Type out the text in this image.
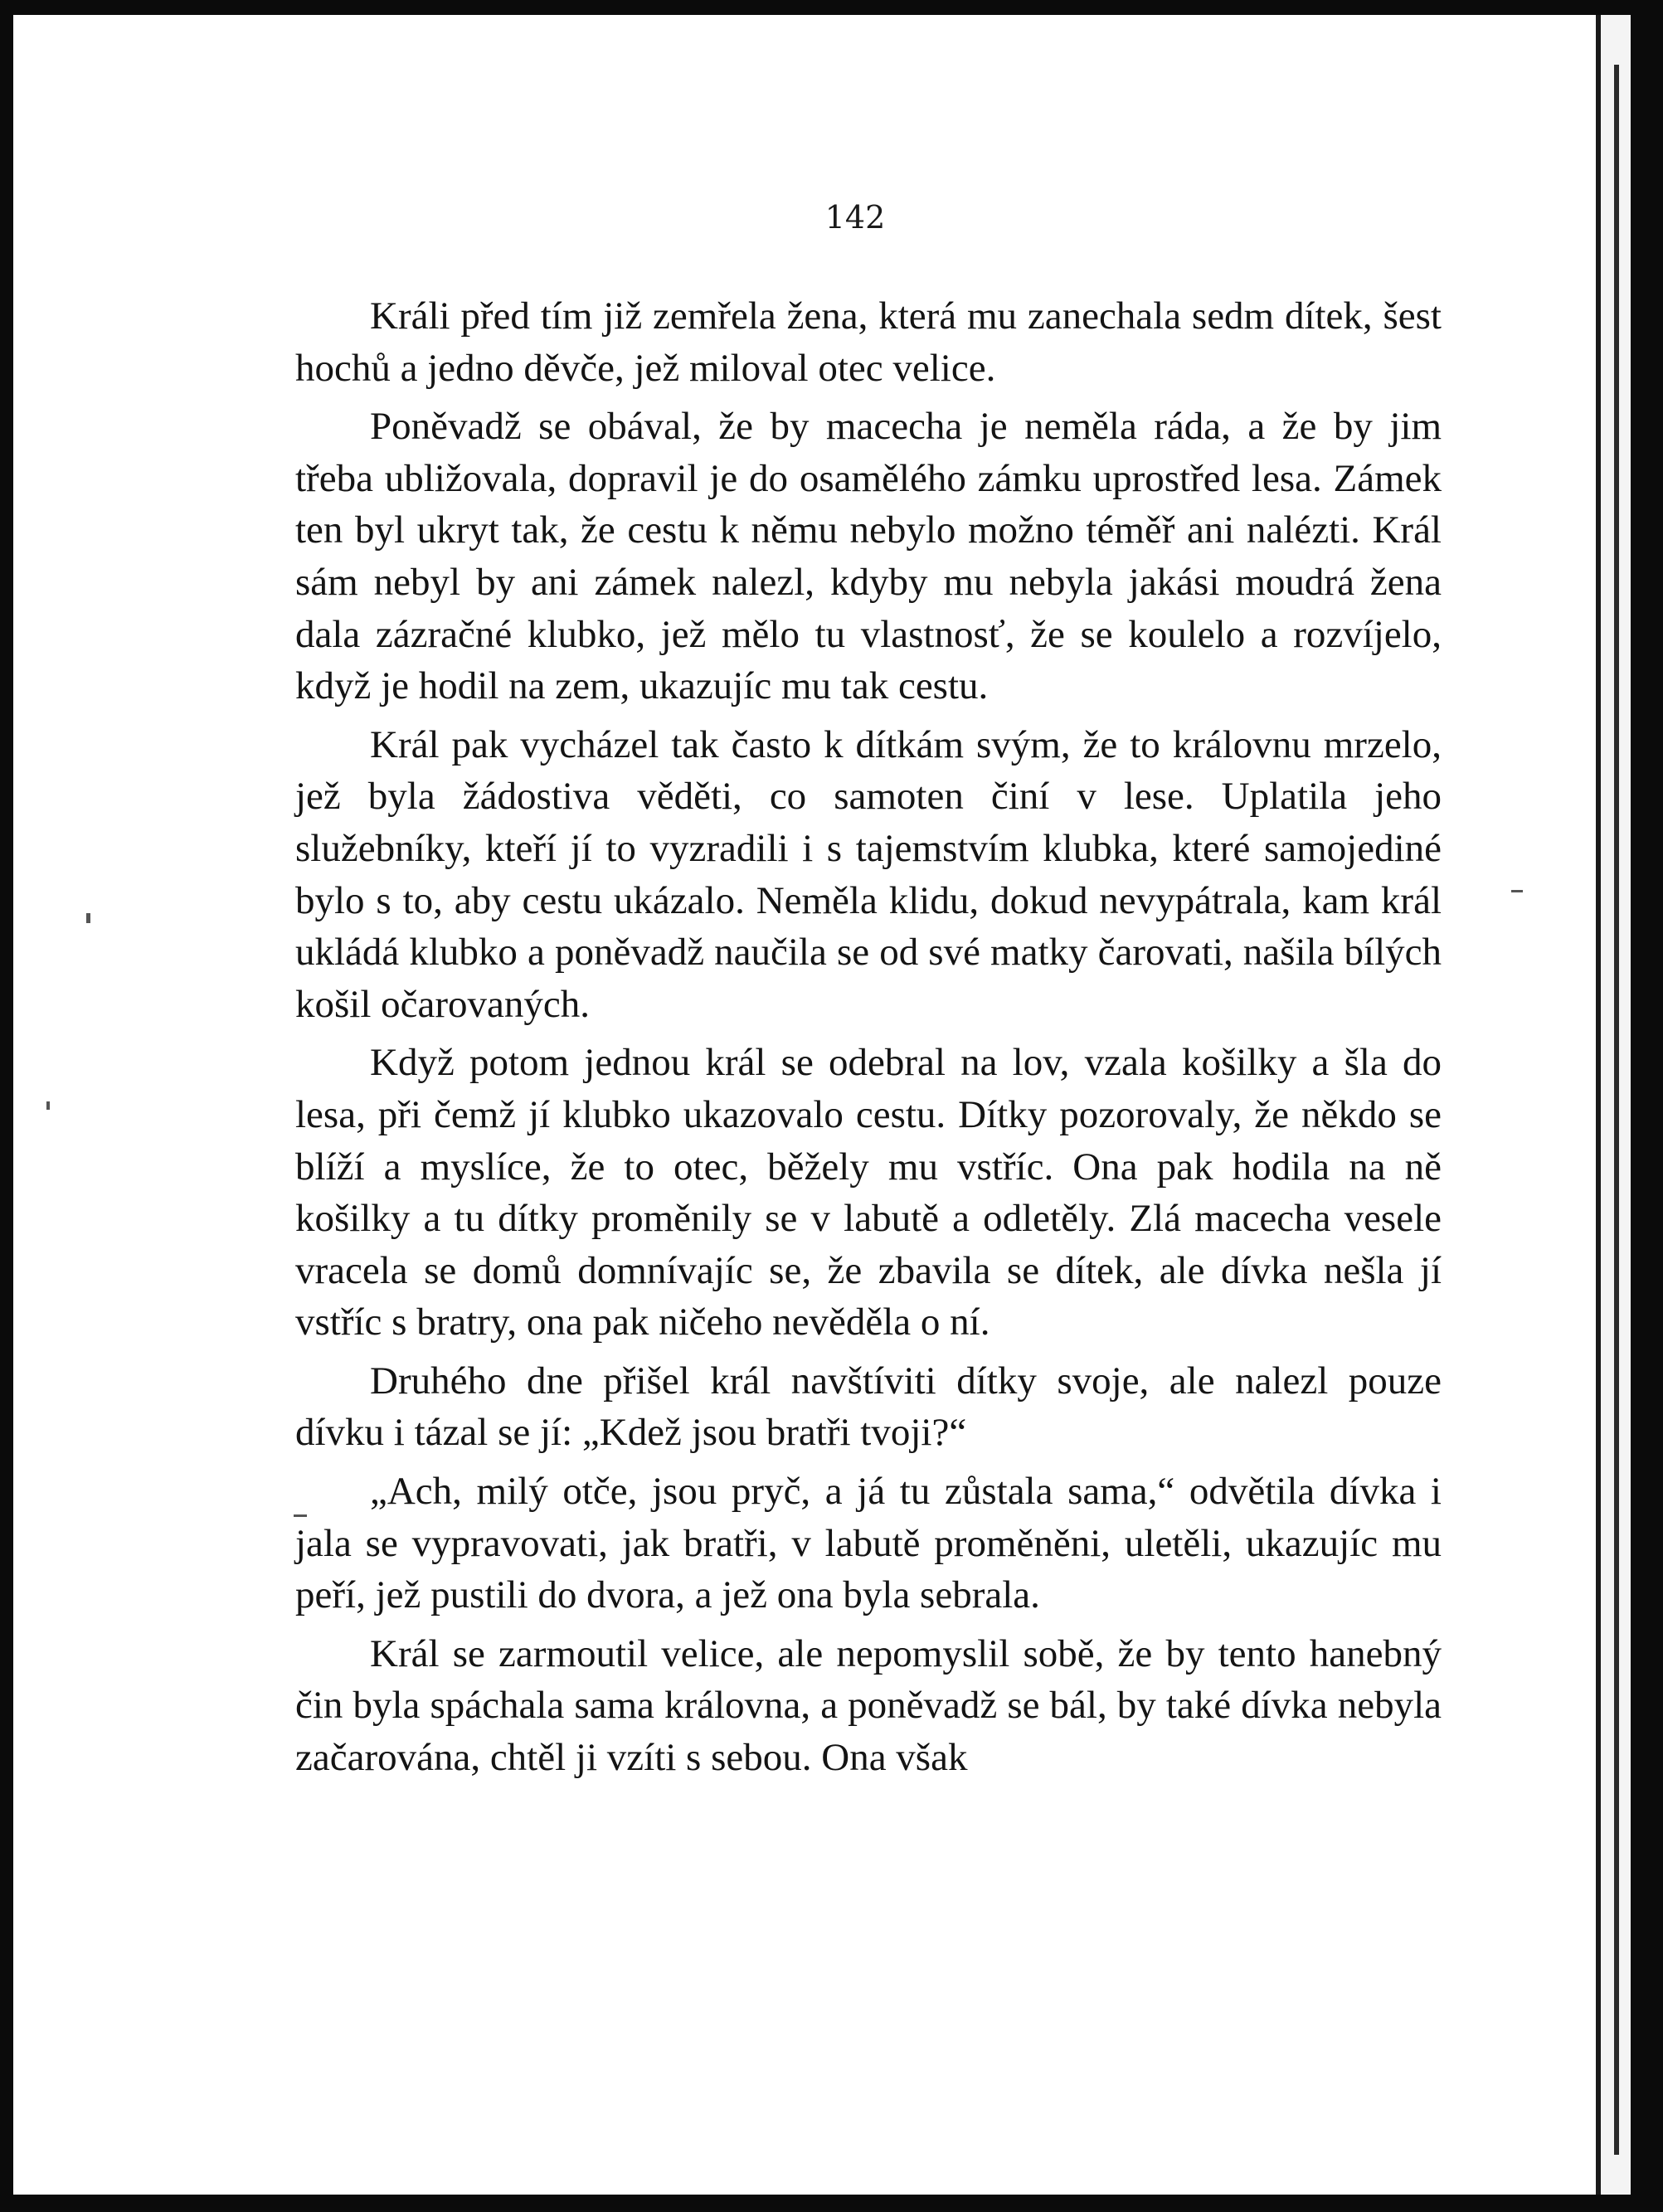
142

Králi před tím již zemřela žena, která mu zanechala sedm dítek, šest hochů a jedno děvče, jež miloval otec velice.

Poněvadž se obával, že by macecha je neměla ráda, a že by jim třeba ubližovala, dopravil je do osamělého zámku uprostřed lesa. Zámek ten byl ukryt tak, že cestu k němu nebylo možno téměř ani nalézti. Král sám nebyl by ani zámek nalezl, kdyby mu nebyla jakási moudrá žena dala zázračné klubko, jež mělo tu vlastnosť, že se koulelo a rozvíjelo, když je hodil na zem, ukazujíc mu tak cestu.

Král pak vycházel tak často k dítkám svým, že to královnu mrzelo, jež byla žádostiva věděti, co samoten činí v lese. Uplatila jeho služebníky, kteří jí to vyzradili i s tajemstvím klubka, které samojediné bylo s to, aby cestu ukázalo. Neměla klidu, dokud nevypátrala, kam král ukládá klubko a poněvadž naučila se od své matky čarovati, našila bílých košil očarovaných.

Když potom jednou král se odebral na lov, vzala košilky a šla do lesa, při čemž jí klubko ukazovalo cestu. Dítky pozorovaly, že někdo se blíží a myslíce, že to otec, běžely mu vstříc. Ona pak hodila na ně košilky a tu dítky proměnily se v labutě a odletěly. Zlá macecha vesele vracela se domů domnívajíc se, že zbavila se dítek, ale dívka nešla jí vstříc s bratry, ona pak ničeho nevěděla o ní.

Druhého dne přišel král navštíviti dítky svoje, ale nalezl pouze dívku i tázal se jí: „Kdež jsou bratři tvoji?“

„Ach, milý otče, jsou pryč, a já tu zůstala sama,“ odvětila dívka i jala se vypravovati, jak bratři, v labutě proměněni, uletěli, ukazujíc mu peří, jež pustili do dvora, a jež ona byla sebrala.

Král se zarmoutil velice, ale nepomyslil sobě, že by tento hanebný čin byla spáchala sama královna, a poněvadž se bál, by také dívka nebyla začarována, chtěl ji vzíti s sebou. Ona však
